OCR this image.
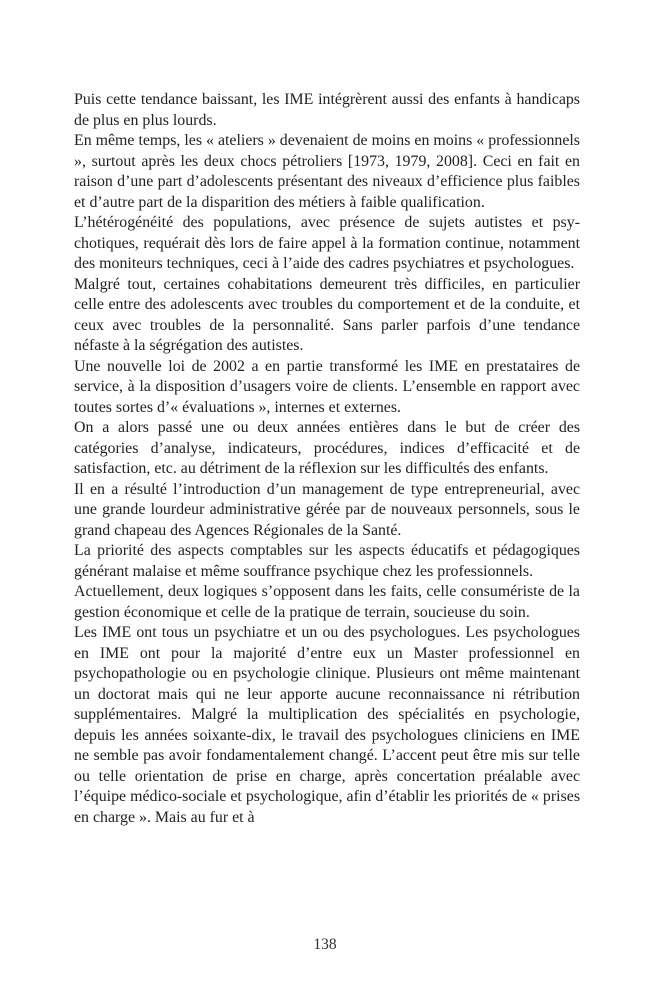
Puis cette tendance baissant, les IME intégrèrent aussi des enfants à handicaps de plus en plus lourds.

En même temps, les « ateliers » devenaient de moins en moins « professionnels », surtout après les deux chocs pétroliers [1973, 1979, 2008]. Ceci en fait en raison d’une part d’adolescents présentant des niveaux d’efficience plus faibles et d’autre part de la disparition des métiers à faible qualification.

L’hétérogénéité des populations, avec présence de sujets autistes et psychotiques, requérait dès lors de faire appel à la formation continue, notamment des moniteurs techniques, ceci à l’aide des cadres psychiatres et psychologues.

Malgré tout, certaines cohabitations demeurent très difficiles, en particulier celle entre des adolescents avec troubles du comportement et de la conduite, et ceux avec troubles de la personnalité. Sans parler parfois d’une tendance néfaste à la ségrégation des autistes.

Une nouvelle loi de 2002 a en partie transformé les IME en prestataires de service, à la disposition d’usagers voire de clients. L’ensemble en rapport avec toutes sortes d’« évaluations », internes et externes.

On a alors passé une ou deux années entières dans le but de créer des catégories d’analyse, indicateurs, procédures, indices d’efficacité et de satisfaction, etc. au détriment de la réflexion sur les difficultés des enfants.

Il en a résulté l’introduction d’un management de type entrepreneurial, avec une grande lourdeur administrative gérée par de nouveaux personnels, sous le grand chapeau des Agences Régionales de la Santé.

La priorité des aspects comptables sur les aspects éducatifs et pédagogiques générant malaise et même souffrance psychique chez les professionnels.

Actuellement, deux logiques s’opposent dans les faits, celle consumériste de la gestion économique et celle de la pratique de terrain, soucieuse du soin.

Les IME ont tous un psychiatre et un ou des psychologues. Les psychologues en IME ont pour la majorité d’entre eux un Master professionnel en psychopathologie ou en psychologie clinique. Plusieurs ont même maintenant un doctorat mais qui ne leur apporte aucune reconnaissance ni rétribution supplémentaires. Malgré la multiplication des spécialités en psychologie, depuis les années soixante-dix, le travail des psychologues cliniciens en IME ne semble pas avoir fondamentalement changé. L’accent peut être mis sur telle ou telle orientation de prise en charge, après concertation préalable avec l’équipe médico-sociale et psychologique, afin d’établir les priorités de « prises en charge ». Mais au fur et à

138
